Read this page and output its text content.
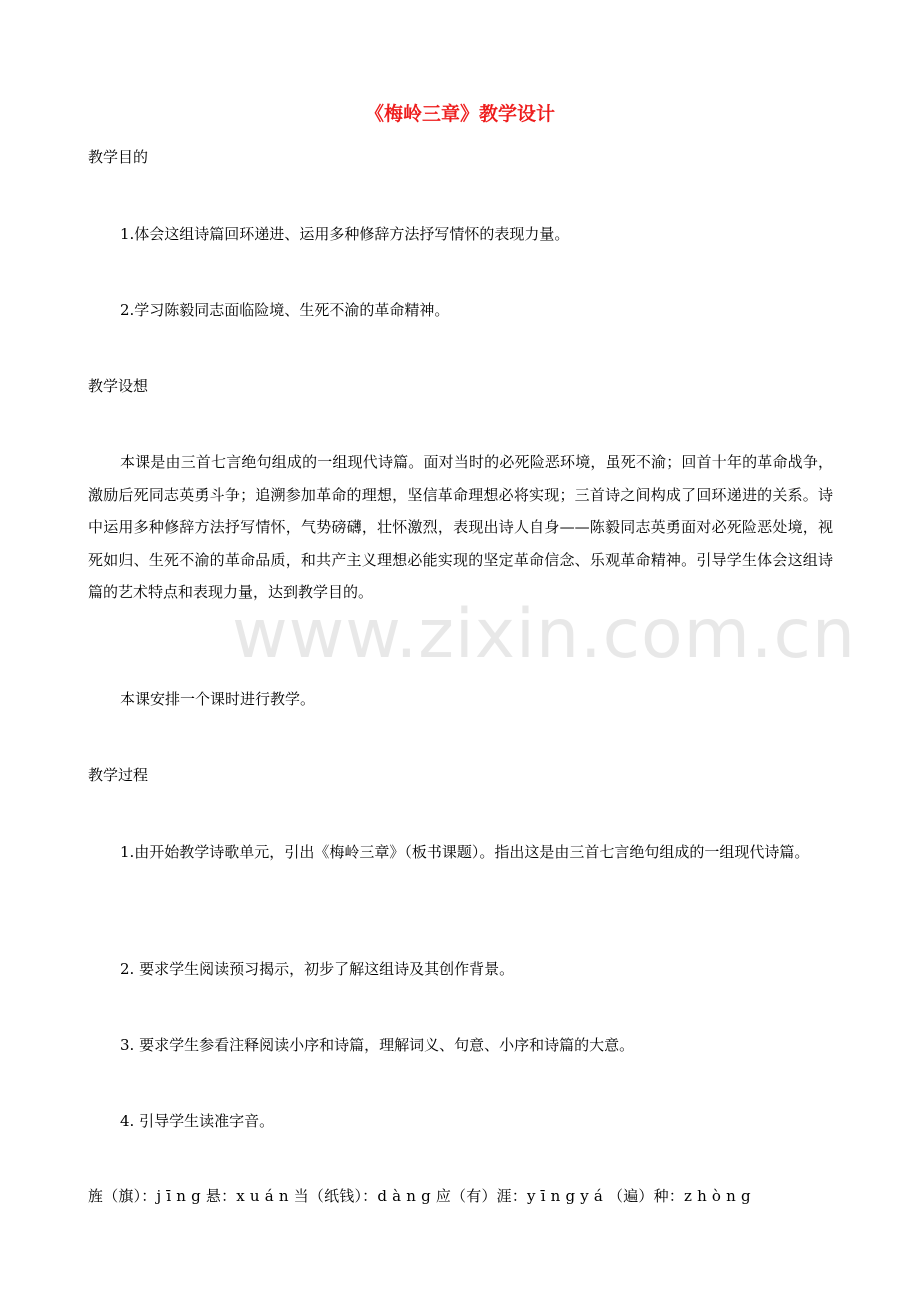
《梅岭三章》教学设计
教学目的
1.体会这组诗篇回环递进、运用多种修辞方法抒写情怀的表现力量。
2.学习陈毅同志面临险境、生死不渝的革命精神。
教学设想
本课是由三首七言绝句组成的一组现代诗篇。面对当时的必死险恶环境，虽死不渝；回首十年的革命战争，激励后死同志英勇斗争；追溯参加革命的理想，坚信革命理想必将实现；三首诗之间构成了回环递进的关系。诗中运用多种修辞方法抒写情怀，气势磅礴，壮怀激烈，表现出诗人自身——陈毅同志英勇面对必死险恶处境，视死如归、生死不渝的革命品质，和共产主义理想必能实现的坚定革命信念、乐观革命精神。引导学生体会这组诗篇的艺术特点和表现力量，达到教学目的。
本课安排一个课时进行教学。
教学过程
1.由开始教学诗歌单元，引出《梅岭三章》（板书课题）。指出这是由三首七言绝句组成的一组现代诗篇。
2. 要求学生阅读预习揭示，初步了解这组诗及其创作背景。
3. 要求学生参看注释阅读小序和诗篇，理解词义、句意、小序和诗篇的大意。
4. 引导学生读准字音。
旌（旗）：j ī n g 悬：x u á n 当（纸钱）：d à n g 应（有）涯：y ī n g y á （遍）种：z h ò n g
www.zixin.com.cn
